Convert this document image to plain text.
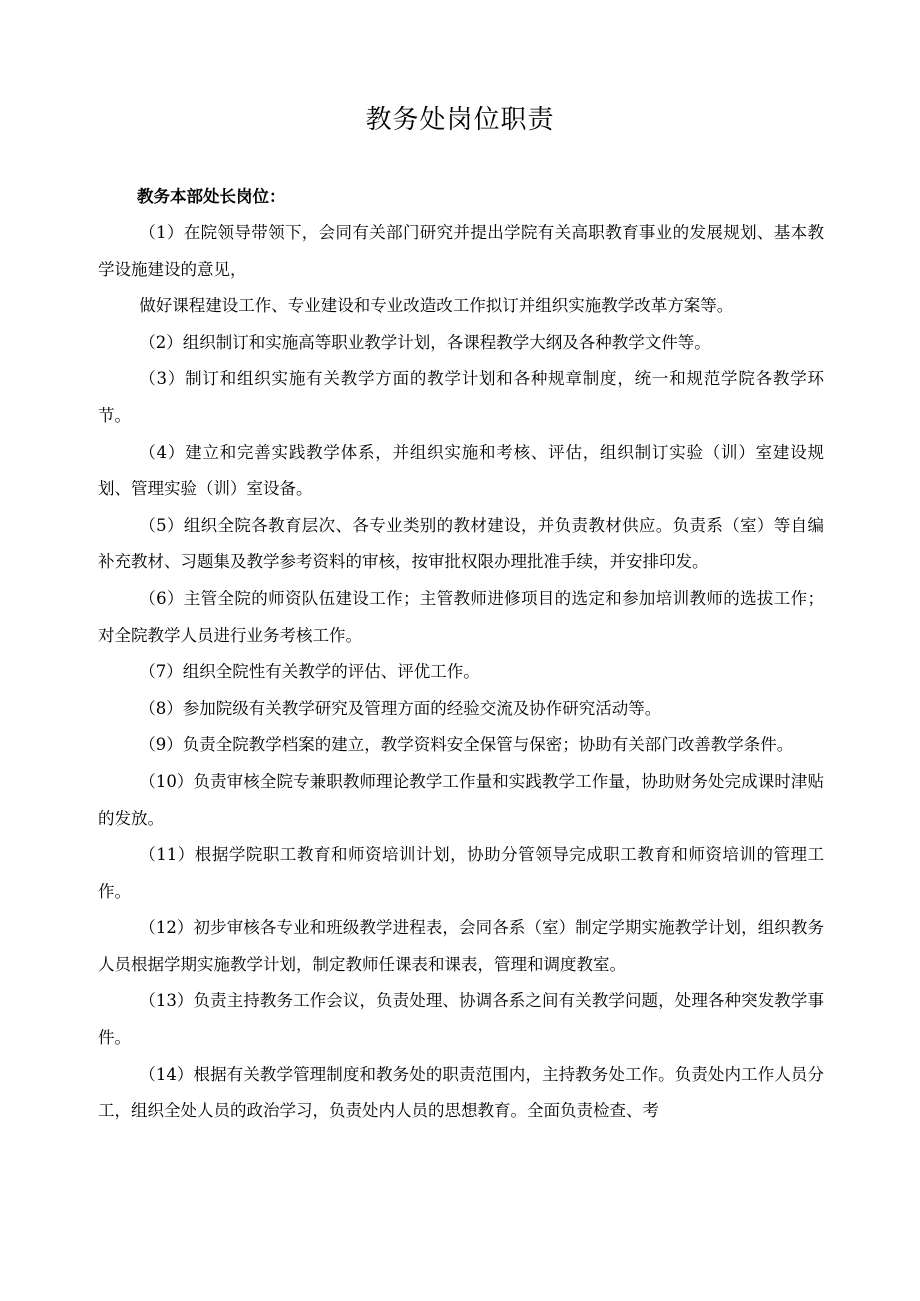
教务处岗位职责
教务本部处长岗位：

（1）在院领导带领下，会同有关部门研究并提出学院有关高职教育事业的发展规划、基本教学设施建设的意见，

做好课程建设工作、专业建设和专业改造改工作拟订并组织实施教学改革方案等。

（2）组织制订和实施高等职业教学计划，各课程教学大纲及各种教学文件等。

（3）制订和组织实施有关教学方面的教学计划和各种规章制度，统一和规范学院各教学环节。

（4）建立和完善实践教学体系，并组织实施和考核、评估，组织制订实验（训）室建设规划、管理实验（训）室设备。

（5）组织全院各教育层次、各专业类别的教材建设，并负责教材供应。负责系（室）等自编补充教材、习题集及教学参考资料的审核，按审批权限办理批准手续，并安排印发。

（6）主管全院的师资队伍建设工作；主管教师进修项目的选定和参加培训教师的选拔工作；对全院教学人员进行业务考核工作。

（7）组织全院性有关教学的评估、评优工作。

（8）参加院级有关教学研究及管理方面的经验交流及协作研究活动等。

（9）负责全院教学档案的建立，教学资料安全保管与保密；协助有关部门改善教学条件。

（10）负责审核全院专兼职教师理论教学工作量和实践教学工作量，协助财务处完成课时津贴的发放。

（11）根据学院职工教育和师资培训计划，协助分管领导完成职工教育和师资培训的管理工作。

（12）初步审核各专业和班级教学进程表，会同各系（室）制定学期实施教学计划，组织教务人员根据学期实施教学计划，制定教师任课表和课表，管理和调度教室。

（13）负责主持教务工作会议，负责处理、协调各系之间有关教学问题，处理各种突发教学事件。

（14）根据有关教学管理制度和教务处的职责范围内，主持教务处工作。负责处内工作人员分工，组织全处人员的政治学习，负责处内人员的思想教育。全面负责检查、考
